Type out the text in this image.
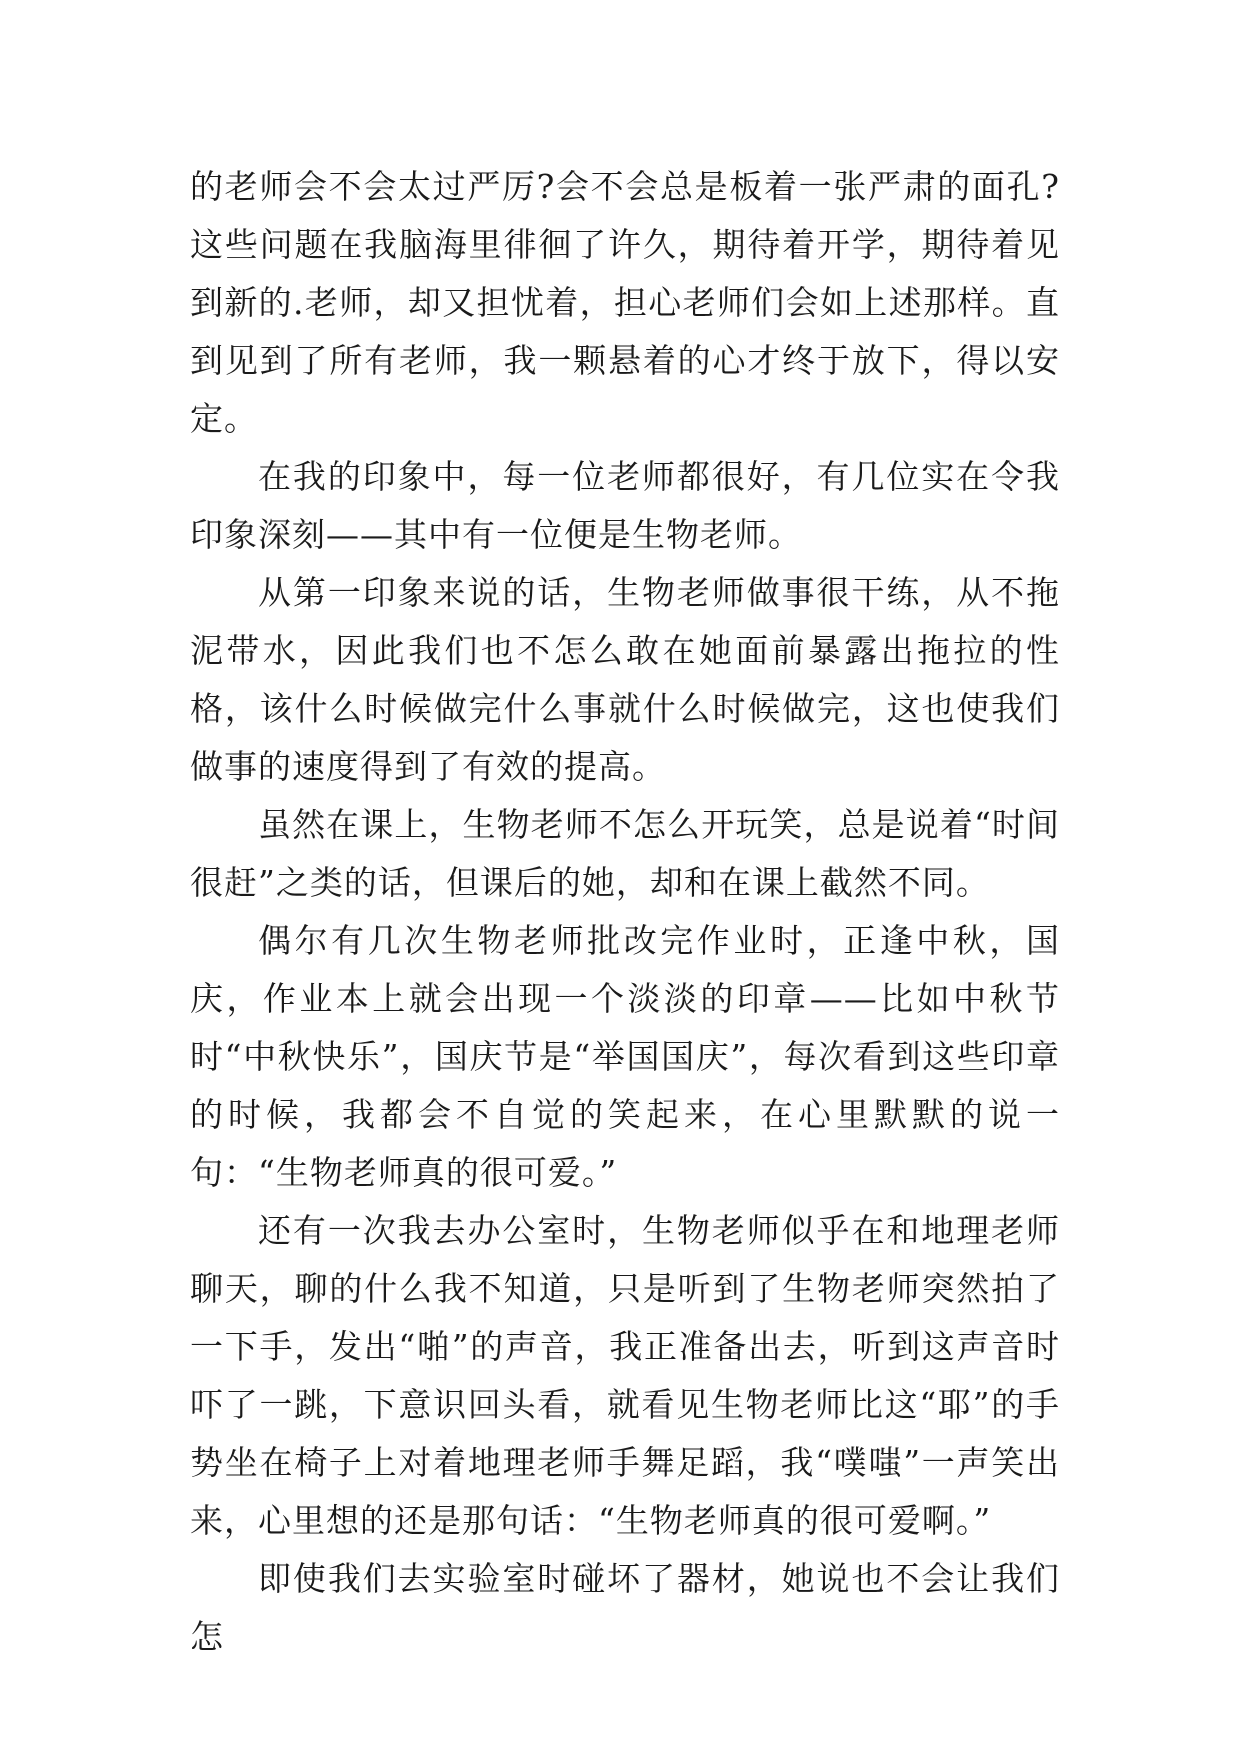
的老师会不会太过严厉?会不会总是板着一张严肃的面孔?这些问题在我脑海里徘徊了许久，期待着开学，期待着见到新的.老师，却又担忧着，担心老师们会如上述那样。直到见到了所有老师，我一颗悬着的心才终于放下，得以安定。

在我的印象中，每一位老师都很好，有几位实在令我印象深刻——其中有一位便是生物老师。

从第一印象来说的话，生物老师做事很干练，从不拖泥带水，因此我们也不怎么敢在她面前暴露出拖拉的性格，该什么时候做完什么事就什么时候做完，这也使我们做事的速度得到了有效的提高。

虽然在课上，生物老师不怎么开玩笑，总是说着“时间很赶”之类的话，但课后的她，却和在课上截然不同。

偶尔有几次生物老师批改完作业时，正逢中秋，国庆，作业本上就会出现一个淡淡的印章——比如中秋节时“中秋快乐”，国庆节是“举国国庆”，每次看到这些印章的时候，我都会不自觉的笑起来，在心里默默的说一句：“生物老师真的很可爱。”

还有一次我去办公室时，生物老师似乎在和地理老师聊天，聊的什么我不知道，只是听到了生物老师突然拍了一下手，发出“啪”的声音，我正准备出去，听到这声音时吓了一跳，下意识回头看，就看见生物老师比这“耶”的手势坐在椅子上对着地理老师手舞足蹈，我“噗嗤”一声笑出来，心里想的还是那句话：“生物老师真的很可爱啊。”

即使我们去实验室时碰坏了器材，她说也不会让我们怎
